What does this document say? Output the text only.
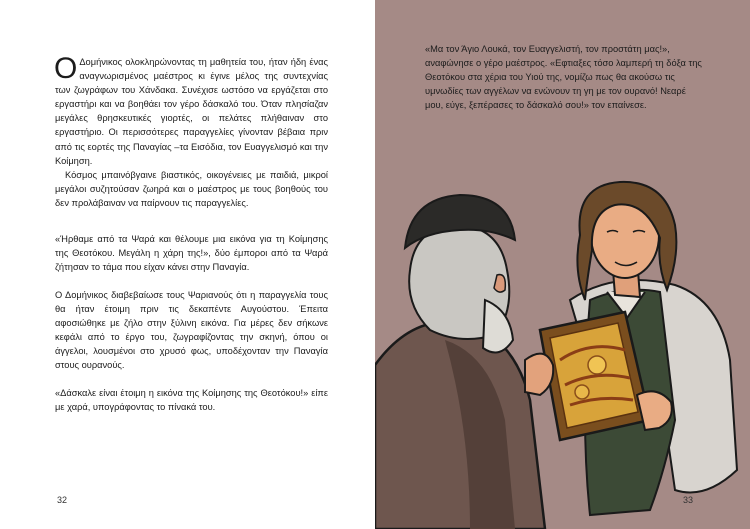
Ο Δομήνικος ολοκληρώνοντας τη μαθητεία του, ήταν ήδη ένας αναγνωρισμένος μαέστρος κι έγινε μέλος της συντεχνίας των ζωγράφων του Χάνδακα. Συνέχισε ωστόσο να εργάζεται στο εργαστήρι και να βοηθάει τον γέρο δάσκαλό του. Όταν πλησίαζαν μεγάλες θρησκευτικές γιορτές, οι πελάτες πλήθαιναν στο εργαστήριο. Οι περισσότερες παραγγελίες γίνονταν βέβαια πριν από τις εορτές της Παναγίας –τα Εισόδια, τον Ευαγγελισμό και την Κοίμηση.

Κόσμος μπαινόβγαινε βιαστικός, οικογένειες με παιδιά, μικροί μεγάλοι συζητούσαν ζωηρά και ο μαέστρος με τους βοηθούς του δεν προλάβαιναν να παίρνουν τις παραγγελίες.

«Ήρθαμε από τα Ψαρά και θέλουμε μια εικόνα για τη Κοίμησης της Θεοτόκου. Μεγάλη η χάρη της!», δύο έμποροι από τα Ψαρά ζήτησαν το τάμα που είχαν κάνει στην Παναγία.

Ο Δομήνικος διαβεβαίωσε τους Ψαριανούς ότι η παραγγελία τους θα ήταν έτοιμη πριν τις δεκαπέντε Αυγούστου. Έπειτα αφοσιώθηκε με ζήλο στην ξύλινη εικόνα. Για μέρες δεν σήκωνε κεφάλι από το έργο του, ζωγραφίζοντας την σκηνή, όπου οι άγγελοι, λουσμένοι στο χρυσό φως, υποδέχονταν την Παναγία στους ουρανούς.

«Δάσκαλε είναι έτοιμη η εικόνα της Κοίμησης της Θεοτόκου!» είπε με χαρά, υπογράφοντας το πίνακά του.

32
«Μα τον Άγιο Λουκά, τον Ευαγγελιστή, τον προστάτη μας!», αναφώνησε ο γέρο μαέστρος. «Εφτιαξες τόσο λαμπερή τη δόξα της Θεοτόκου στα χέρια του Υιού της, νομίζω πως θα ακούσω τις υμνωδίες των αγγέλων να ενώνουν τη γη με τον ουρανό! Νεαρέ μου, εύγε, ξεπέρασες το δάσκαλό σου!» τον επαίνεσε.
33
